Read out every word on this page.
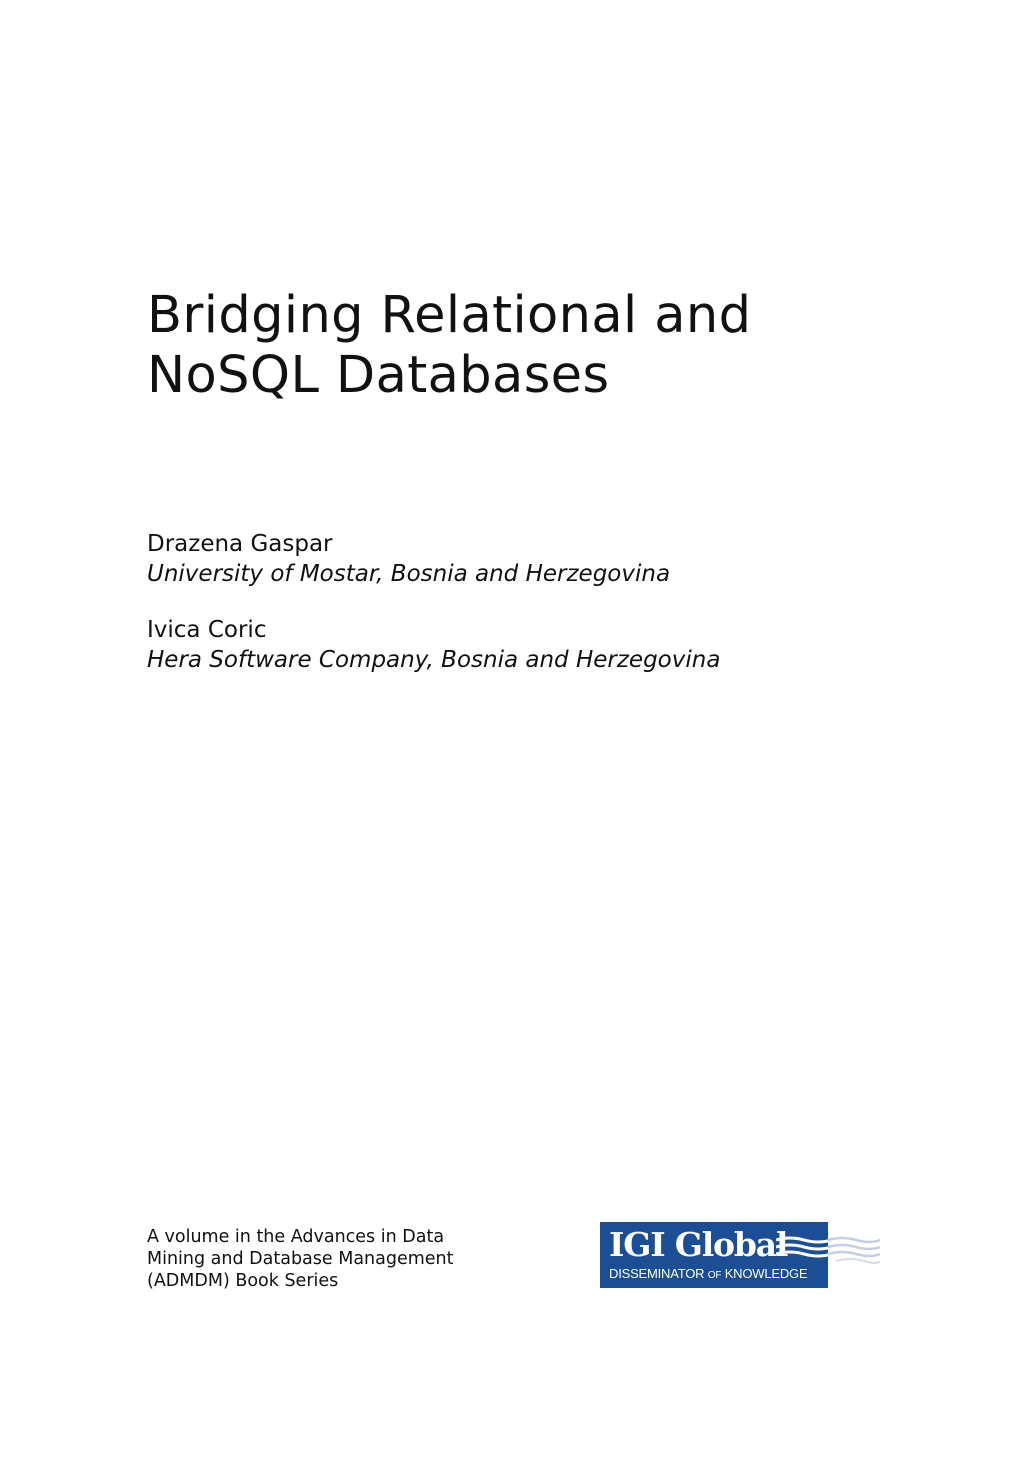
Bridging Relational and
NoSQL Databases
Drazena Gaspar
University of Mostar, Bosnia and Herzegovina
Ivica Coric
Hera Software Company, Bosnia and Herzegovina
A volume in the Advances in Data
Mining and Database Management
(ADMDM) Book Series
IGI Global
DISSEMINATOR OF KNOWLEDGE
